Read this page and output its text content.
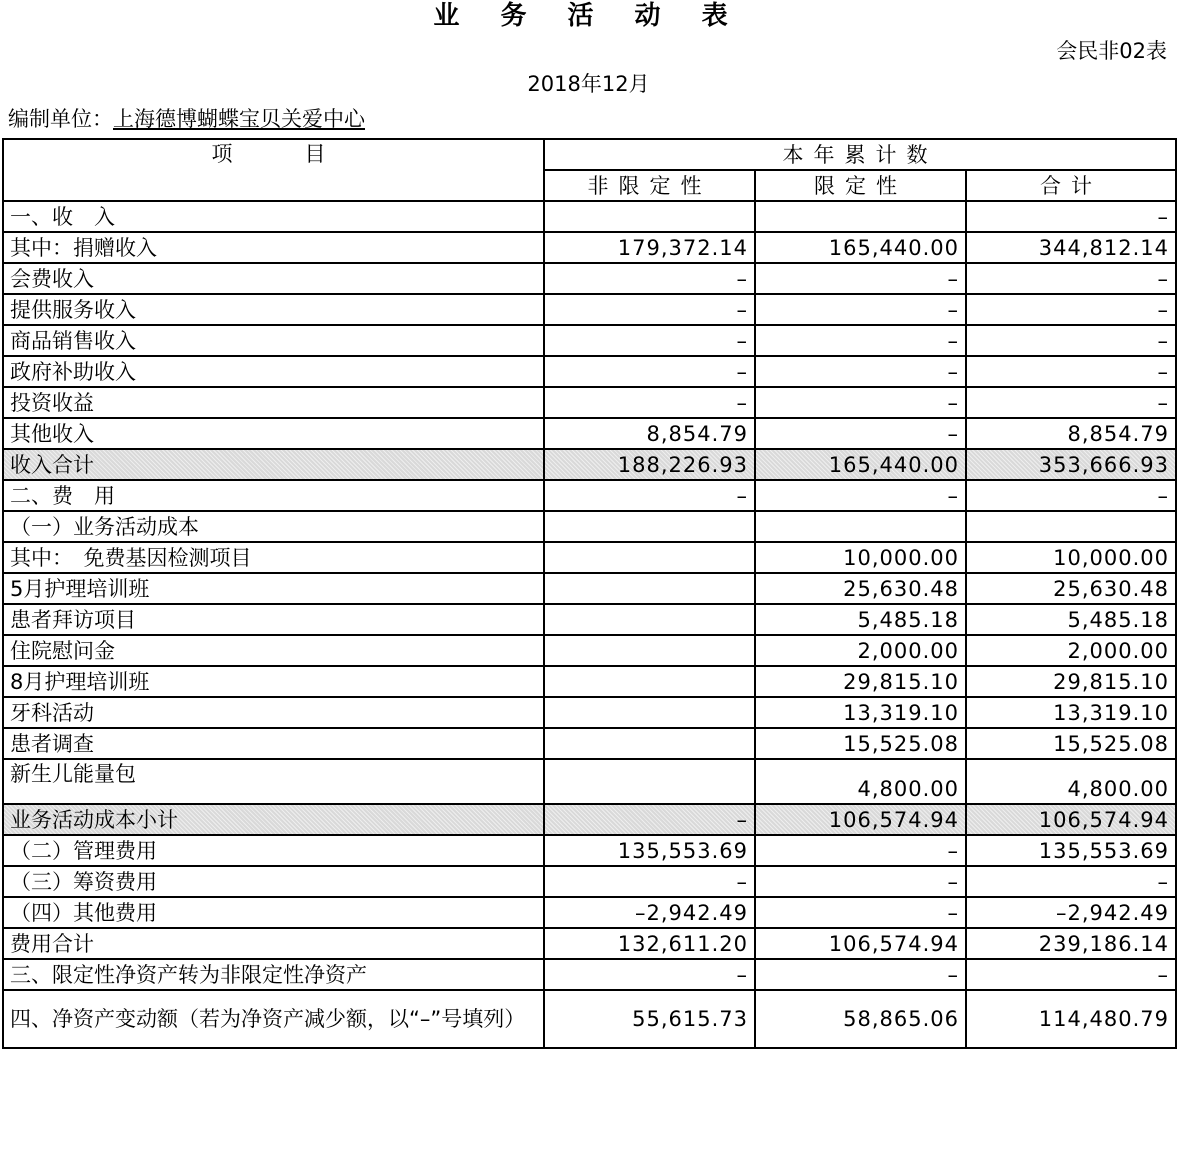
业 务 活 动 表
会民非02表
2018年12月
编制单位：上海德博蝴蝶宝贝关爱中心
项　　目	本年累计数		
	非限定性	限定性	合计
一、收　入			–
其中：捐赠收入	179,372.14	165,440.00	344,812.14
会费收入	–	–	–
提供服务收入	–	–	–
商品销售收入	–	–	–
政府补助收入	–	–	–
投资收益	–	–	–
其他收入	8,854.79	–	8,854.79
收入合计	188,226.93	165,440.00	353,666.93
二、费　用	–	–	–
（一）业务活动成本			
其中：　免费基因检测项目		10,000.00	10,000.00
5月护理培训班		25,630.48	25,630.48
患者拜访项目		5,485.18	5,485.18
住院慰问金		2,000.00	2,000.00
8月护理培训班		29,815.10	29,815.10
牙科活动		13,319.10	13,319.10
患者调查		15,525.08	15,525.08
新生儿能量包		4,800.00	4,800.00
业务活动成本小计	–	106,574.94	106,574.94
（二）管理费用	135,553.69	–	135,553.69
（三）筹资费用	–	–	–
（四）其他费用	–2,942.49	–	–2,942.49
费用合计	132,611.20	106,574.94	239,186.14
三、限定性净资产转为非限定性净资产	–	–	–
四、净资产变动额（若为净资产减少额，以“–”号填列）	55,615.73	58,865.06	114,480.79
